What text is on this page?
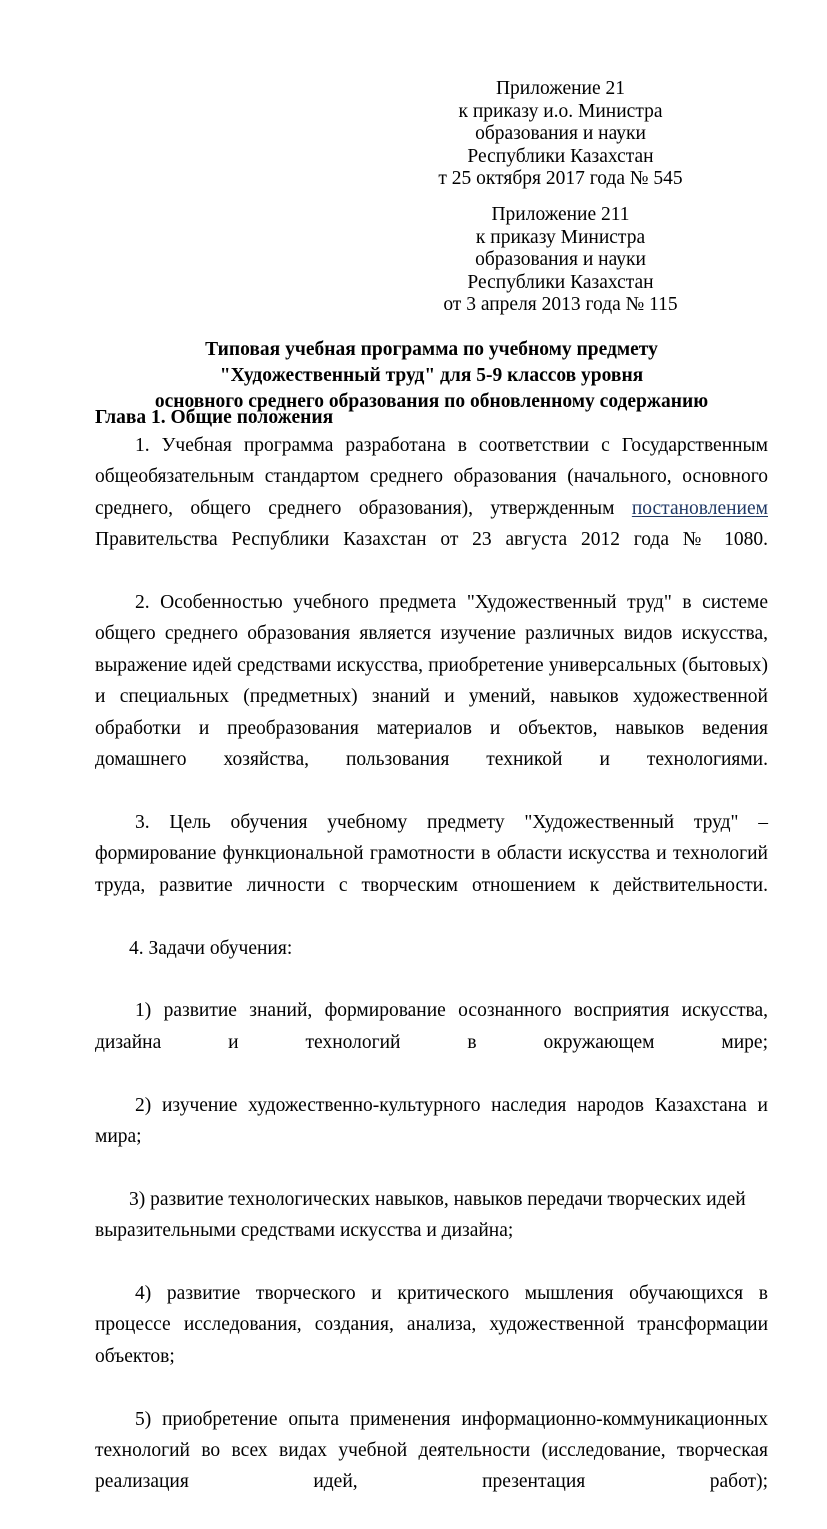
Приложение 21
к приказу и.о. Министра
образования и науки
Республики Казахстан
т 25 октября 2017 года № 545
Приложение 211
к приказу Министра
образования и науки
Республики Казахстан
от 3 апреля 2013 года № 115
Типовая учебная программа по учебному предмету
"Художественный труд" для 5-9 классов уровня
основного среднего образования по обновленному содержанию
Глава 1. Общие положения

1. Учебная программа разработана в соответствии с Государственным общеобязательным стандартом среднего образования (начального, основного среднего, общего среднего образования), утвержденным постановлением Правительства Республики Казахстан от 23 августа 2012 года № 1080.

2. Особенностью учебного предмета "Художественный труд" в системе общего среднего образования является изучение различных видов искусства, выражение идей средствами искусства, приобретение универсальных (бытовых) и специальных (предметных) знаний и умений, навыков художественной обработки и преобразования материалов и объектов, навыков ведения домашнего хозяйства, пользования техникой и технологиями.

3. Цель обучения учебному предмету "Художественный труд" – формирование функциональной грамотности в области искусства и технологий труда, развитие личности с творческим отношением к действительности.

4. Задачи обучения:

1) развитие знаний, формирование осознанного восприятия искусства, дизайна и технологий в окружающем мире;

2) изучение художественно-культурного наследия народов Казахстана и мира;

3) развитие технологических навыков, навыков передачи творческих идей выразительными средствами искусства и дизайна;

4) развитие творческого и критического мышления обучающихся в процессе исследования, создания, анализа, художественной трансформации объектов;

5) приобретение опыта применения информационно-коммуникационных технологий во всех видах учебной деятельности (исследование, творческая реализация идей, презентация работ);
